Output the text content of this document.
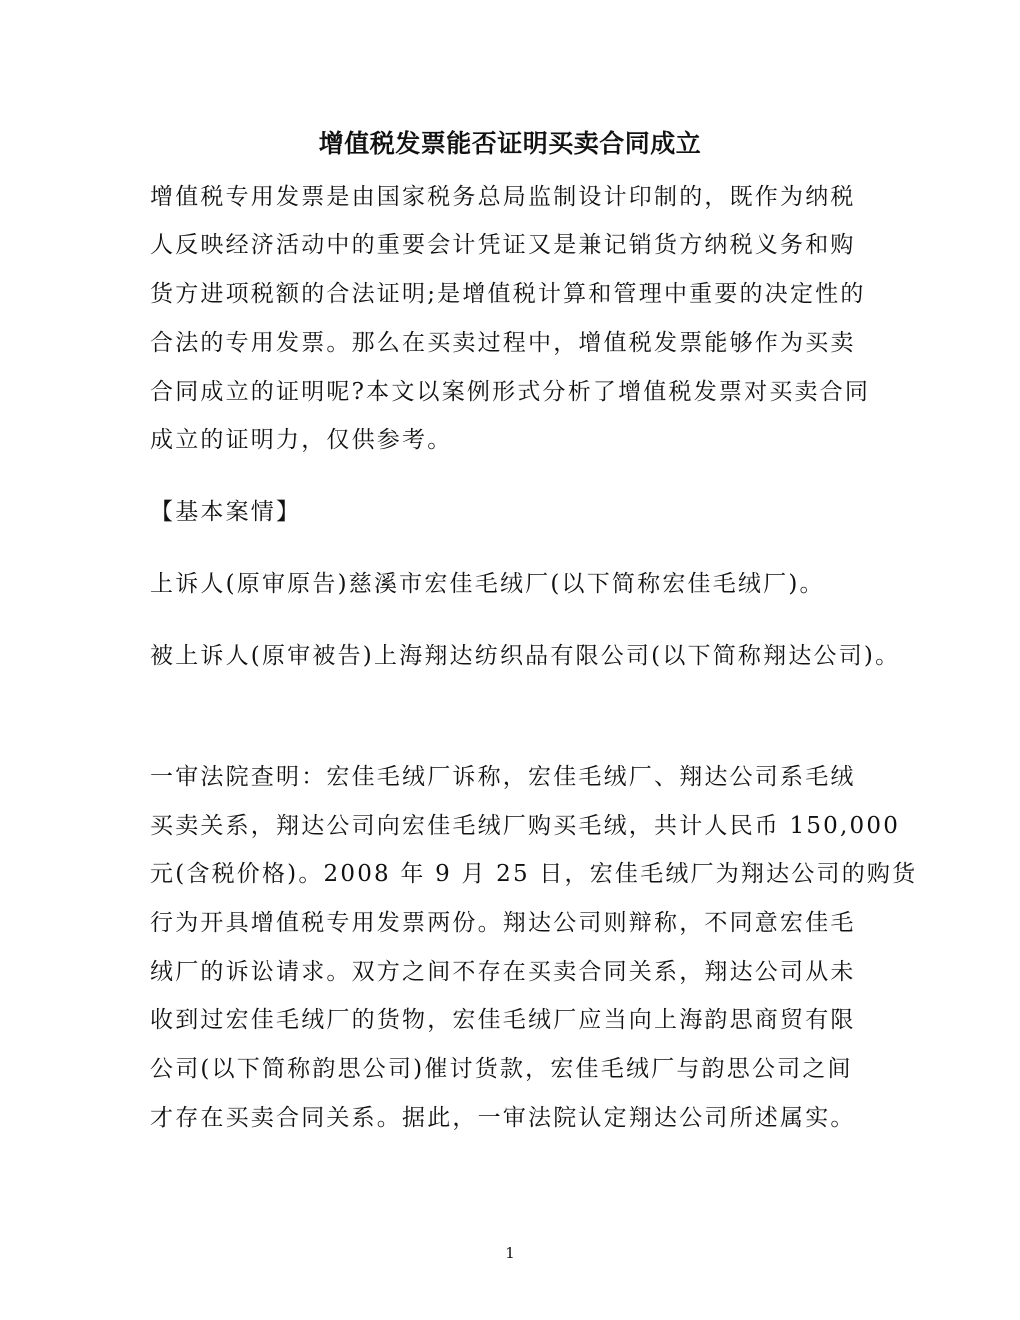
增值税发票能否证明买卖合同成立
增值税专用发票是由国家税务总局监制设计印制的，既作为纳税
人反映经济活动中的重要会计凭证又是兼记销货方纳税义务和购
货方进项税额的合法证明;是增值税计算和管理中重要的决定性的
合法的专用发票。那么在买卖过程中，增值税发票能够作为买卖
合同成立的证明呢?本文以案例形式分析了增值税发票对买卖合同
成立的证明力，仅供参考。
【基本案情】
上诉人(原审原告)慈溪市宏佳毛绒厂(以下简称宏佳毛绒厂)。
被上诉人(原审被告)上海翔达纺织品有限公司(以下简称翔达公司)。
一审法院查明：宏佳毛绒厂诉称，宏佳毛绒厂、翔达公司系毛绒
买卖关系，翔达公司向宏佳毛绒厂购买毛绒，共计人民币 150,000
元(含税价格)。2008 年 9 月 25 日，宏佳毛绒厂为翔达公司的购货
行为开具增值税专用发票两份。翔达公司则辩称，不同意宏佳毛
绒厂的诉讼请求。双方之间不存在买卖合同关系，翔达公司从未
收到过宏佳毛绒厂的货物，宏佳毛绒厂应当向上海韵思商贸有限
公司(以下简称韵思公司)催讨货款，宏佳毛绒厂与韵思公司之间
才存在买卖合同关系。据此，一审法院认定翔达公司所述属实。
1
